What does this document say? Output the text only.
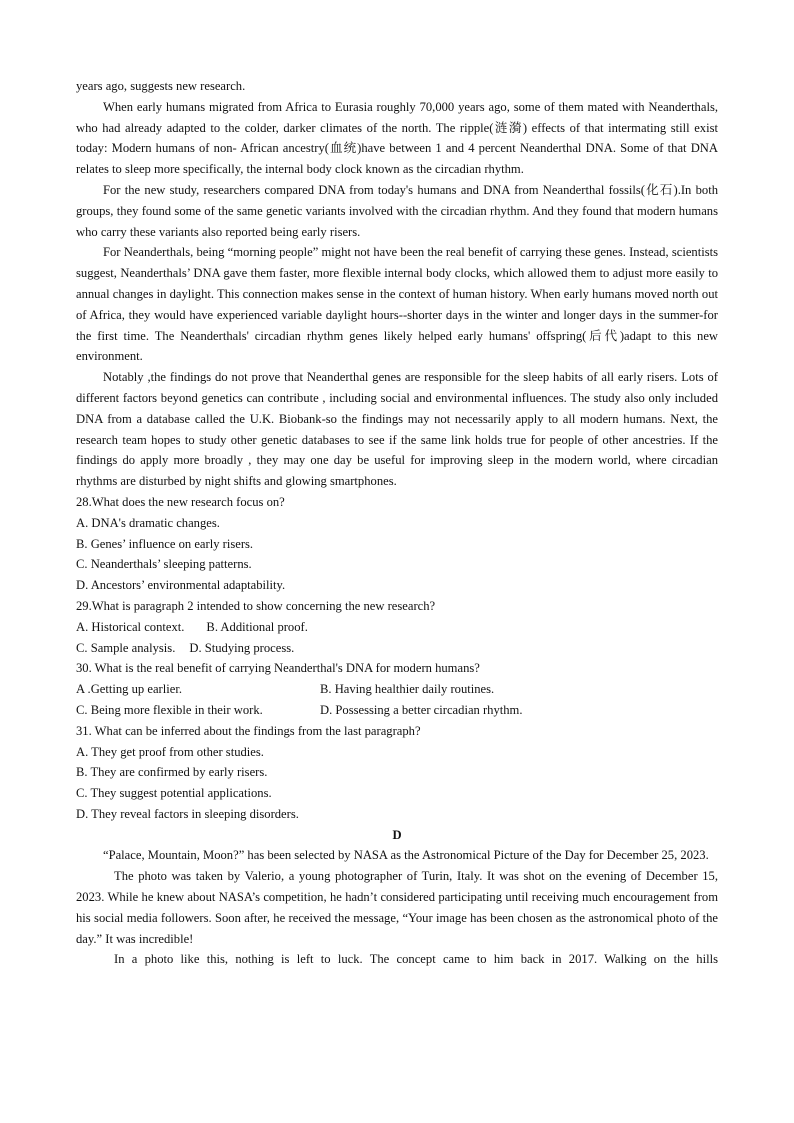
years ago, suggests new research.

When early humans migrated from Africa to Eurasia roughly 70,000 years ago, some of them mated with Neanderthals, who had already adapted to the colder, darker climates of the north. The ripple(涟漪) effects of that intermating still exist today: Modern humans of non- African ancestry(血统)have between 1 and 4 percent Neanderthal DNA. Some of that DNA relates to sleep more specifically, the internal body clock known as the circadian rhythm.

For the new study, researchers compared DNA from today's humans and DNA from Neanderthal fossils(化石).In both groups, they found some of the same genetic variants involved with the circadian rhythm. And they found that modern humans who carry these variants also reported being early risers.

For Neanderthals, being “morning people” might not have been the real benefit of carrying these genes. Instead, scientists suggest, Neanderthals’ DNA gave them faster, more flexible internal body clocks, which allowed them to adjust more easily to annual changes in daylight. This connection makes sense in the context of human history. When early humans moved north out of Africa, they would have experienced variable daylight hours--shorter days in the winter and longer days in the summer-for the first time. The Neanderthals' circadian rhythm genes likely helped early humans' offspring(后代)adapt to this new environment.

Notably ,the findings do not prove that Neanderthal genes are responsible for the sleep habits of all early risers. Lots of different factors beyond genetics can contribute , including social and environmental influences. The study also only included DNA from a database called the U.K. Biobank-so the findings may not necessarily apply to all modern humans. Next, the research team hopes to study other genetic databases to see if the same link holds true for people of other ancestries. If the findings do apply more broadly , they may one day be useful for improving sleep in the modern world, where circadian rhythms are disturbed by night shifts and glowing smartphones.

28.What does the new research focus on?

A. DNA's dramatic changes.

B. Genes’ influence on early risers.

C. Neanderthals’ sleeping patterns.

D. Ancestors’ environmental adaptability.

29.What is paragraph 2 intended to show concerning the new research?

A. Historical context. B. Additional proof.

C. Sample analysis. D. Studying process.

30. What is the real benefit of carrying Neanderthal's DNA for modern humans?

A .Getting up earlier.	B. Having healthier daily routines.
C. Being more flexible in their work.	D. Possessing a better circadian rhythm.

31. What can be inferred about the findings from the last paragraph?

A. They get proof from other studies.

B. They are confirmed by early risers.

C. They suggest potential applications.

D. They reveal factors in sleeping disorders.

D

“Palace, Mountain, Moon?” has been selected by NASA as the Astronomical Picture of the Day for December 25, 2023.

The photo was taken by Valerio, a young photographer of Turin, Italy. It was shot on the evening of December 15, 2023. While he knew about NASA’s competition, he hadn’t considered participating until receiving much encouragement from his social media followers. Soon after, he received the message, “Your image has been chosen as the astronomical photo of the day.” It was incredible!

In a photo like this, nothing is left to luck. The concept came to him back in 2017. Walking on the hills
